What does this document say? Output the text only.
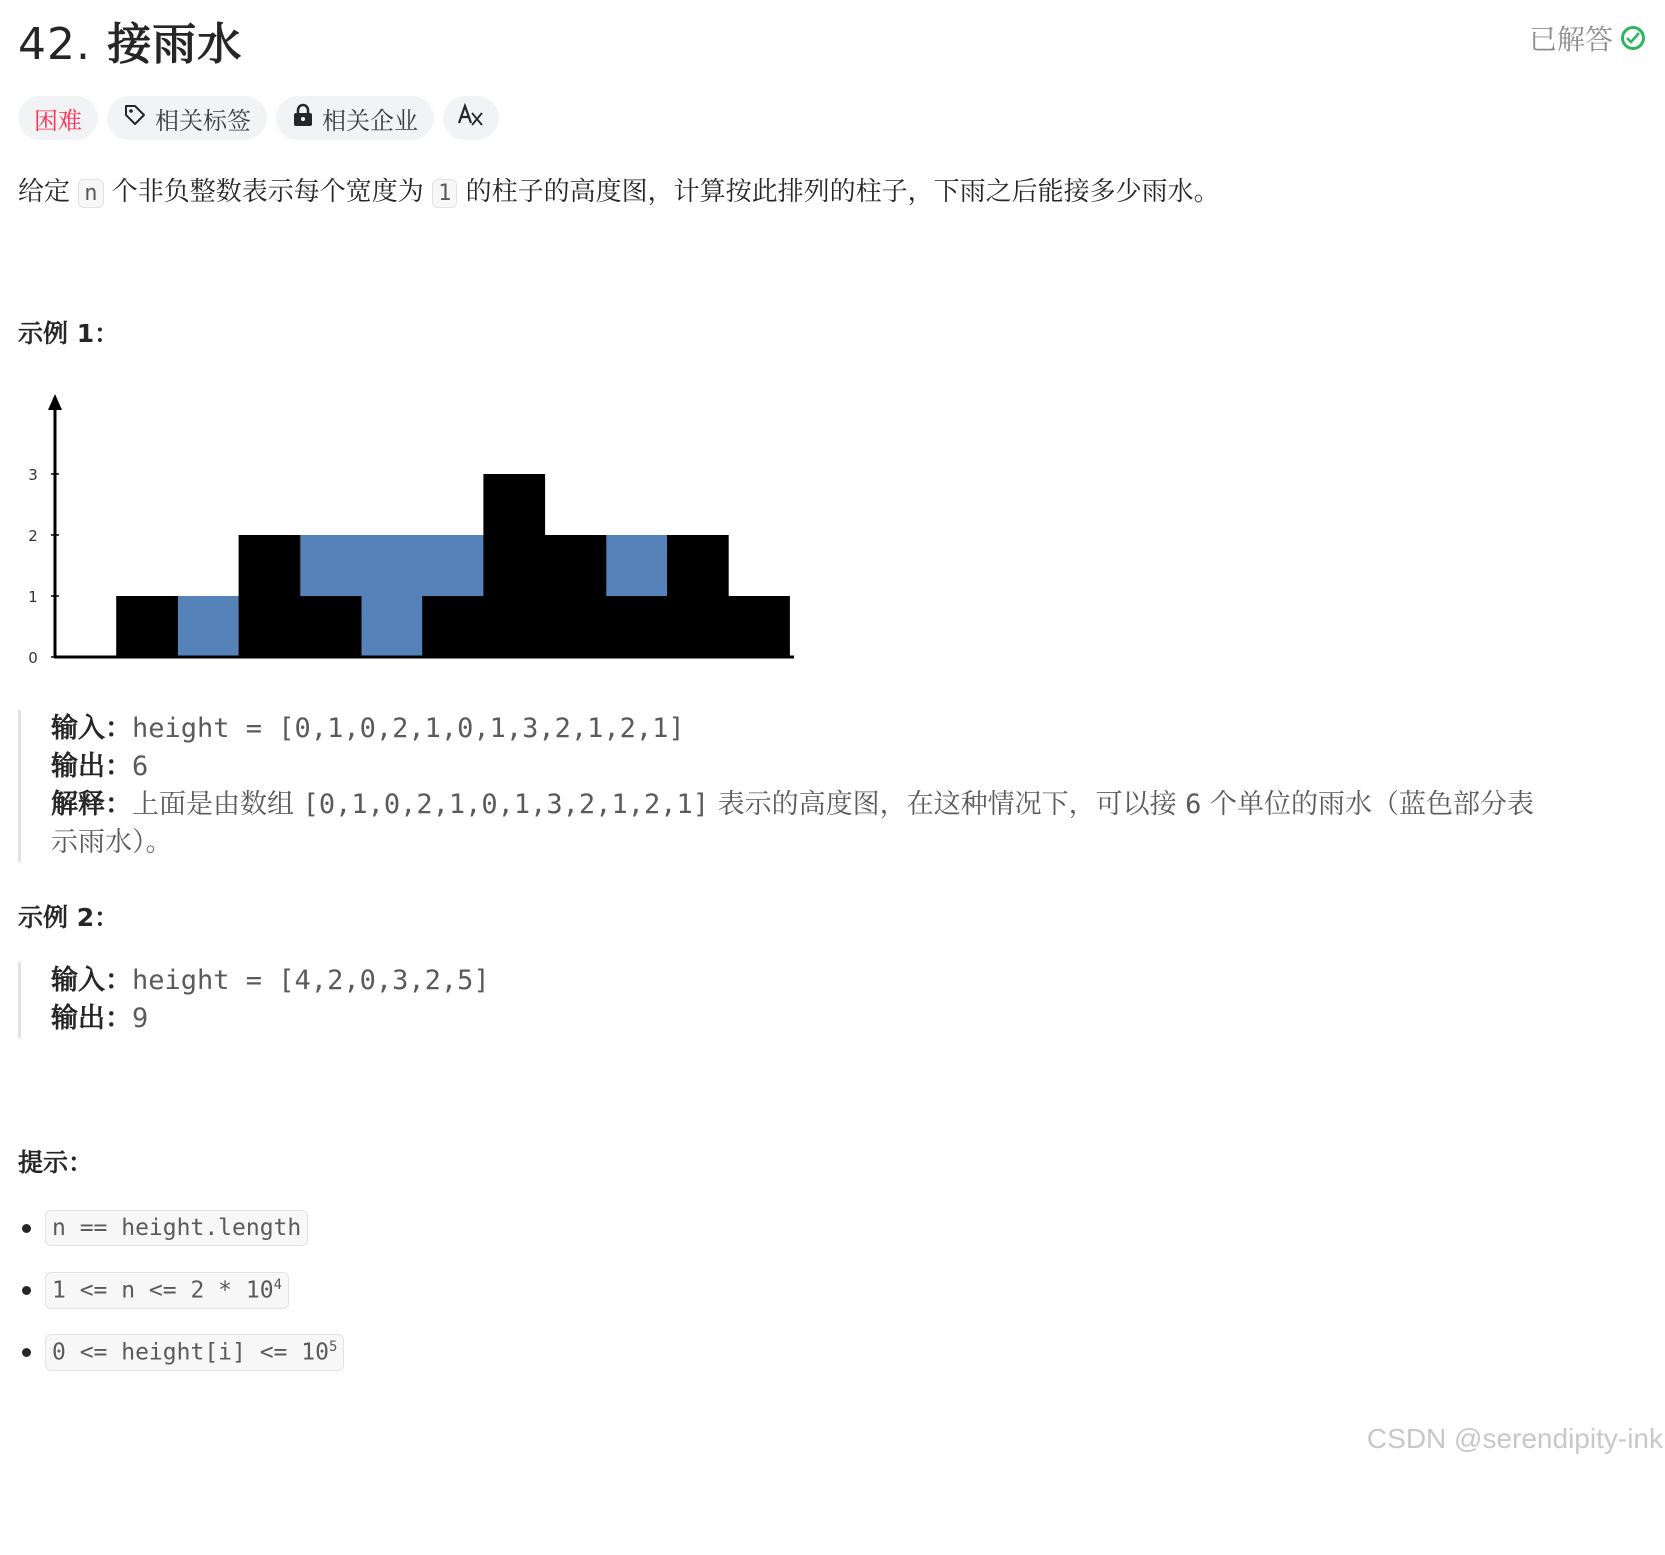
42. 接雨水	已解答
困难	相关标签	相关企业
给定 n 个非负整数表示每个宽度为 1 的柱子的高度图，计算按此排列的柱子，下雨之后能接多少雨水。
示例 1：
0
1
2
3
输入：height = [0,1,0,2,1,0,1,3,2,1,2,1]
输出：6
解释：上面是由数组 [0,1,0,2,1,0,1,3,2,1,2,1] 表示的高度图，在这种情况下，可以接 6 个单位的雨水（蓝色部分表
示雨水）。
示例 2：
输入：height = [4,2,0,3,2,5]
输出：9
提示：
n == height.length
$1 <= n <= 2 * 10^4$
0 <= height[i] <= $10^5$
CSDN @serendipity-ink
